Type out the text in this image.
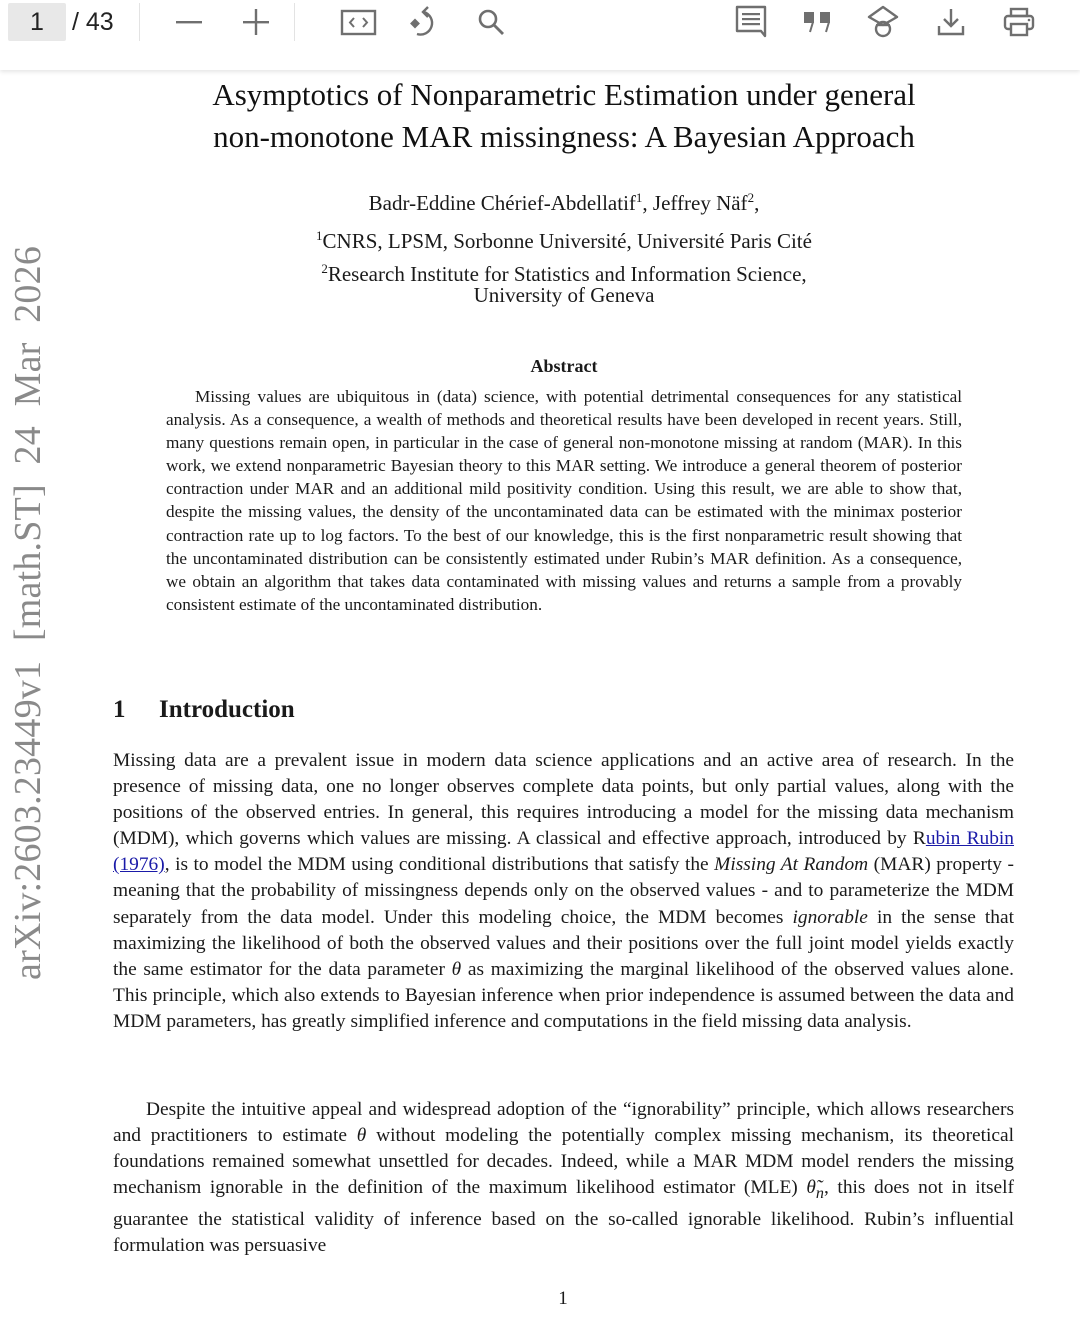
1	/ 43
arXiv:2603.23449v1 [math.ST] 24 Mar 2026
Asymptotics of Nonparametric Estimation under general
non-monotone MAR missingness: A Bayesian Approach
Badr-Eddine Chérief-Abdellatif$^1$, Jeffrey Näf$^2$,
$^1$CNRS, LPSM, Sorbonne Université, Université Paris Cité
$^2$Research Institute for Statistics and Information Science,
University of Geneva
Abstract

Missing values are ubiquitous in (data) science, with potential detrimental consequences for any statistical analysis. As a consequence, a wealth of methods and theoretical results have been developed in recent years. Still, many questions remain open, in particular in the case of general non-monotone missing at random (MAR). In this work, we extend nonparametric Bayesian theory to this MAR setting. We introduce a general theorem of posterior contraction under MAR and an additional mild positivity condition. Using this result, we are able to show that, despite the missing values, the density of the uncontaminated data can be estimated with the minimax posterior contraction rate up to log factors. To the best of our knowledge, this is the first nonparametric result showing that the uncontaminated distribution can be consistently estimated under Rubin’s MAR definition. As a consequence, we obtain an algorithm that takes data contaminated with missing values and returns a sample from a provably consistent estimate of the uncontaminated distribution.

1 Introduction

Missing data are a prevalent issue in modern data science applications and an active area of research. In the presence of missing data, one no longer observes complete data points, but only partial values, along with the positions of the observed entries. In general, this requires introducing a model for the missing data mechanism (MDM), which governs which values are missing. A classical and effective approach, introduced by Rubin Rubin (1976), is to model the MDM using conditional distributions that satisfy the Missing At Random (MAR) property - meaning that the probability of missingness depends only on the observed values - and to parameterize the MDM separately from the data model. Under this modeling choice, the MDM becomes ignorable in the sense that maximizing the likelihood of both the observed values and their positions over the full joint model yields exactly the same estimator for the data parameter θ as maximizing the marginal likelihood of the observed values alone. This principle, which also extends to Bayesian inference when prior independence is assumed between the data and MDM parameters, has greatly simplified inference and computations in the field missing data analysis.

Despite the intuitive appeal and widespread adoption of the “ignorability” principle, which allows researchers and practitioners to estimate θ without modeling the potentially complex missing mechanism, its theoretical foundations remained somewhat unsettled for decades. Indeed, while a MAR MDM model renders the missing mechanism ignorable in the definition of the maximum likelihood estimator (MLE) $\thetã_n$, this does not in itself guarantee the statistical validity of inference based on the so-called ignorable likelihood. Rubin’s influential formulation was persuasive

1
